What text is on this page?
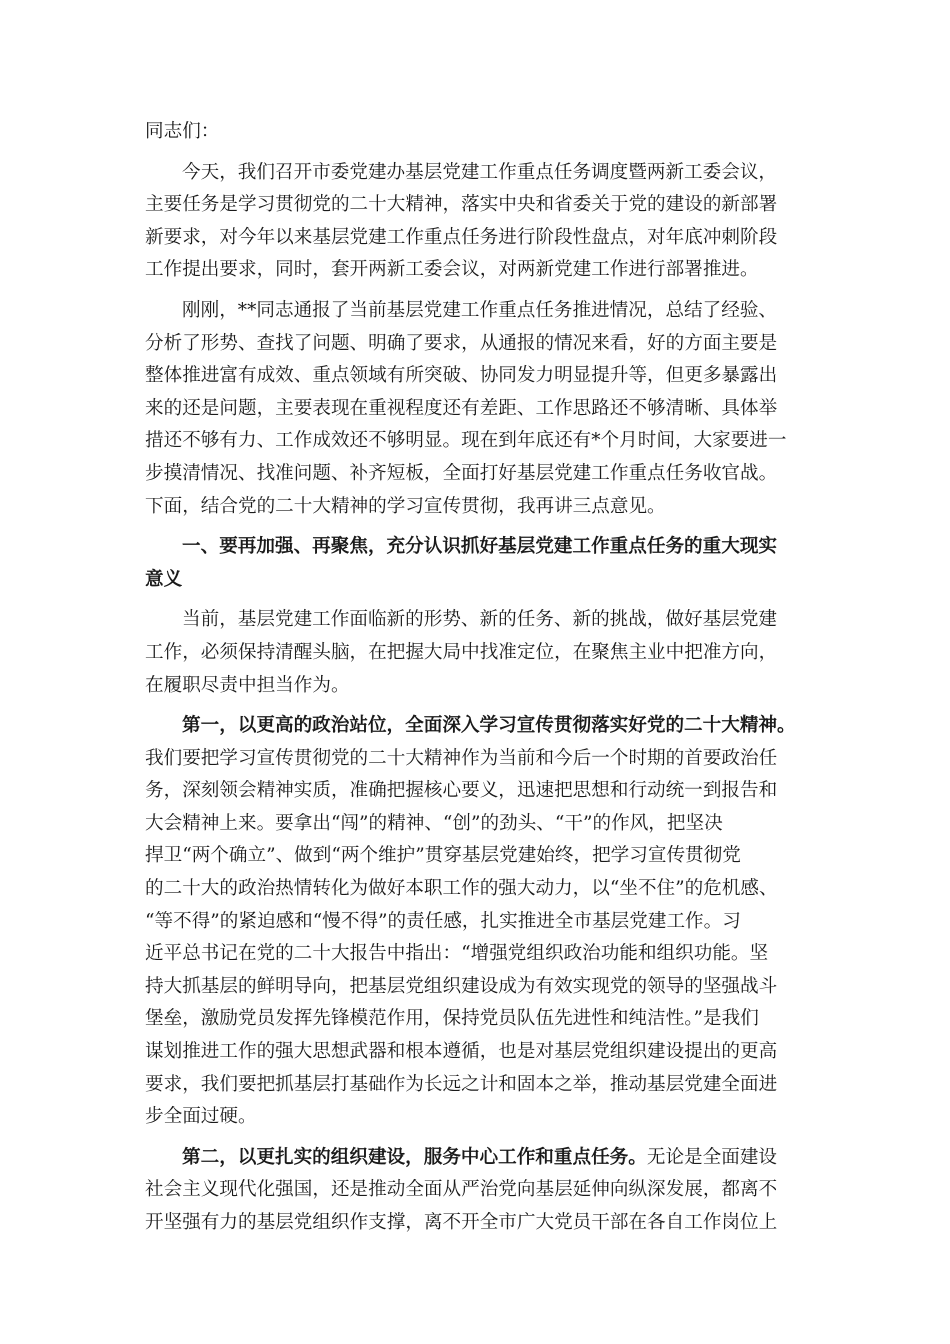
同志们：

今天，我们召开市委党建办基层党建工作重点任务调度暨两新工委会议，
主要任务是学习贯彻党的二十大精神，落实中央和省委关于党的建设的新部署
新要求，对今年以来基层党建工作重点任务进行阶段性盘点，对年底冲刺阶段
工作提出要求，同时，套开两新工委会议，对两新党建工作进行部署推进。

刚刚，**同志通报了当前基层党建工作重点任务推进情况，总结了经验、
分析了形势、查找了问题、明确了要求，从通报的情况来看，好的方面主要是
整体推进富有成效、重点领域有所突破、协同发力明显提升等，但更多暴露出
来的还是问题，主要表现在重视程度还有差距、工作思路还不够清晰、具体举
措还不够有力、工作成效还不够明显。现在到年底还有*个月时间，大家要进一
步摸清情况、找准问题、补齐短板，全面打好基层党建工作重点任务收官战。
下面，结合党的二十大精神的学习宣传贯彻，我再讲三点意见。

一、要再加强、再聚焦，充分认识抓好基层党建工作重点任务的重大现实
意义

当前，基层党建工作面临新的形势、新的任务、新的挑战，做好基层党建
工作，必须保持清醒头脑，在把握大局中找准定位，在聚焦主业中把准方向，
在履职尽责中担当作为。

第一，以更高的政治站位，全面深入学习宣传贯彻落实好党的二十大精神。
我们要把学习宣传贯彻党的二十大精神作为当前和今后一个时期的首要政治任
务，深刻领会精神实质，准确把握核心要义，迅速把思想和行动统一到报告和
大会精神上来。要拿出“闯”的精神、“创”的劲头、“干”的作风，把坚决
捍卫“两个确立”、做到“两个维护”贯穿基层党建始终，把学习宣传贯彻党
的二十大的政治热情转化为做好本职工作的强大动力，以“坐不住”的危机感、
“等不得”的紧迫感和“慢不得”的责任感，扎实推进全市基层党建工作。习
近平总书记在党的二十大报告中指出：“增强党组织政治功能和组织功能。坚
持大抓基层的鲜明导向，把基层党组织建设成为有效实现党的领导的坚强战斗
堡垒，激励党员发挥先锋模范作用，保持党员队伍先进性和纯洁性。”是我们
谋划推进工作的强大思想武器和根本遵循，也是对基层党组织建设提出的更高
要求，我们要把抓基层打基础作为长远之计和固本之举，推动基层党建全面进
步全面过硬。

第二，以更扎实的组织建设，服务中心工作和重点任务。无论是全面建设
社会主义现代化强国，还是推动全面从严治党向基层延伸向纵深发展，都离不
开坚强有力的基层党组织作支撑，离不开全市广大党员干部在各自工作岗位上
